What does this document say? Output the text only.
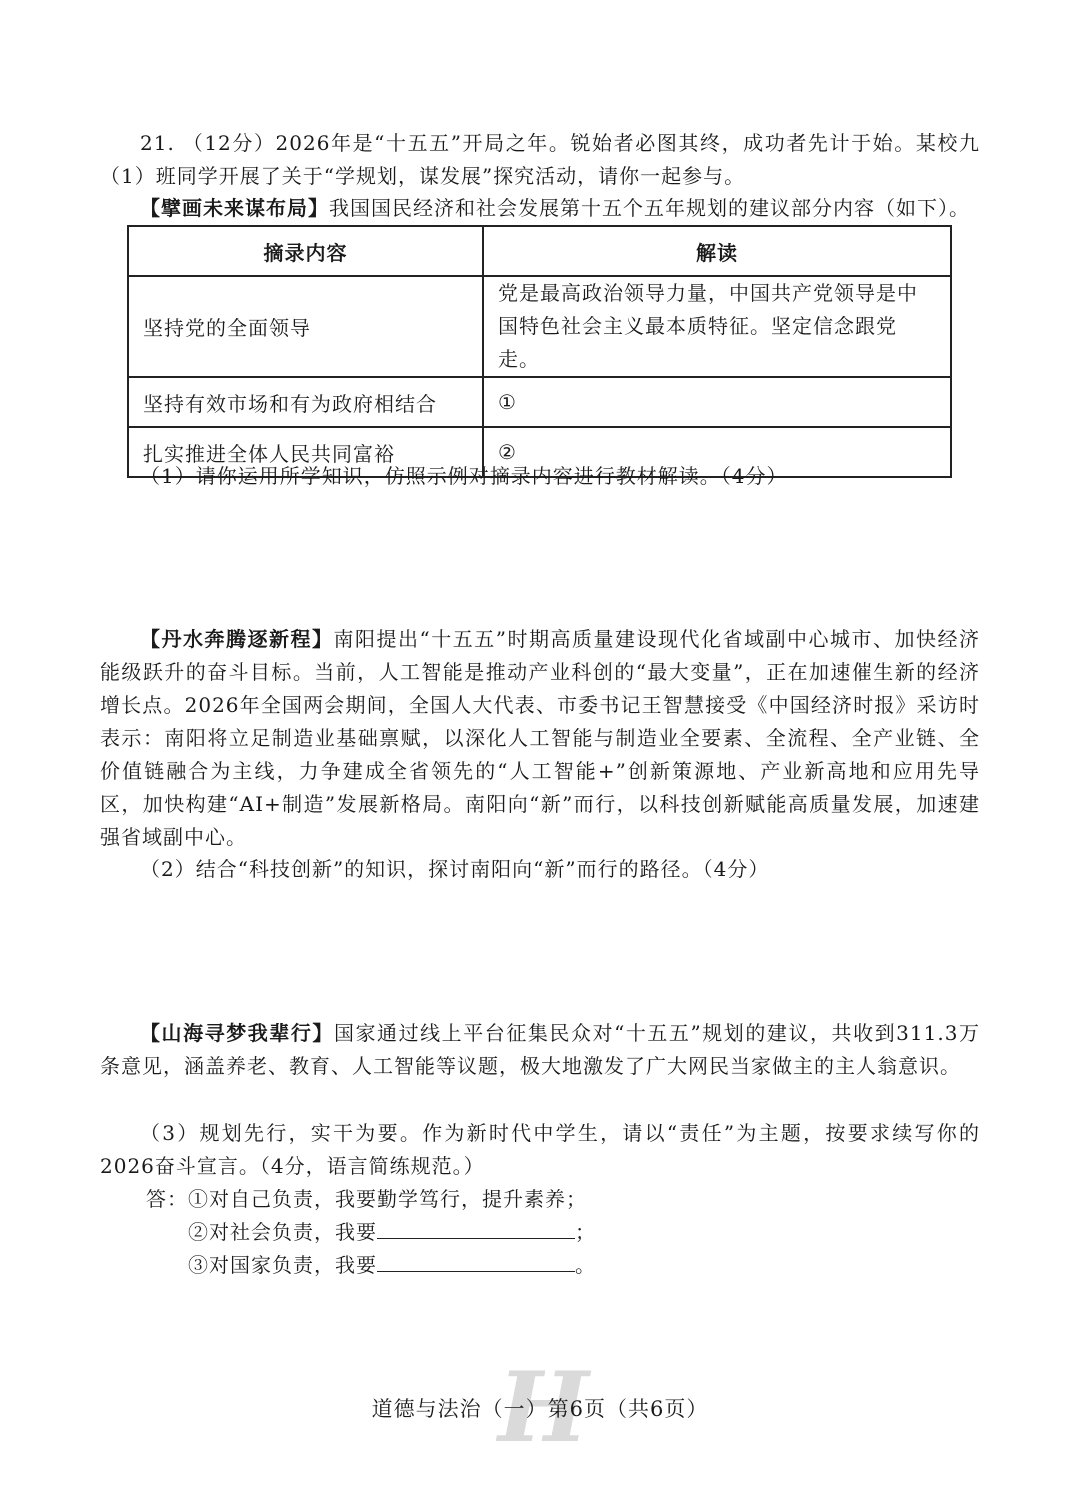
21. （12分）2026年是“十五五”开局之年。锐始者必图其终，成功者先计于始。某校九（1）班同学开展了关于“学规划，谋发展”探究活动，请你一起参与。
【擘画未来谋布局】我国国民经济和社会发展第十五个五年规划的建议部分内容（如下）。
摘录内容	解读
坚持党的全面领导	党是最高政治领导力量，中国共产党领导是中国特色社会主义最本质特征。坚定信念跟党走。
坚持有效市场和有为政府相结合	①
扎实推进全体人民共同富裕	②
（1）请你运用所学知识，仿照示例对摘录内容进行教材解读。（4分）
【丹水奔腾逐新程】南阳提出“十五五”时期高质量建设现代化省域副中心城市、加快经济能级跃升的奋斗目标。当前，人工智能是推动产业科创的“最大变量”，正在加速催生新的经济增长点。2026年全国两会期间，全国人大代表、市委书记王智慧接受《中国经济时报》采访时表示：南阳将立足制造业基础禀赋，以深化人工智能与制造业全要素、全流程、全产业链、全价值链融合为主线，力争建成全省领先的“人工智能+”创新策源地、产业新高地和应用先导区，加快构建“AI+制造”发展新格局。南阳向“新”而行，以科技创新赋能高质量发展，加速建强省域副中心。
（2）结合“科技创新”的知识，探讨南阳向“新”而行的路径。（4分）
【山海寻梦我辈行】国家通过线上平台征集民众对“十五五”规划的建议，共收到311.3万条意见，涵盖养老、教育、人工智能等议题，极大地激发了广大网民当家做主的主人翁意识。
（3）规划先行，实干为要。作为新时代中学生，请以“责任”为主题，按要求续写你的2026奋斗宣言。（4分，语言简练规范。）
答：①对自己负责，我要勤学笃行，提升素养；
②对社会负责，我要	；
③对国家负责，我要	。
H
道德与法治（一）第6页（共6页）
